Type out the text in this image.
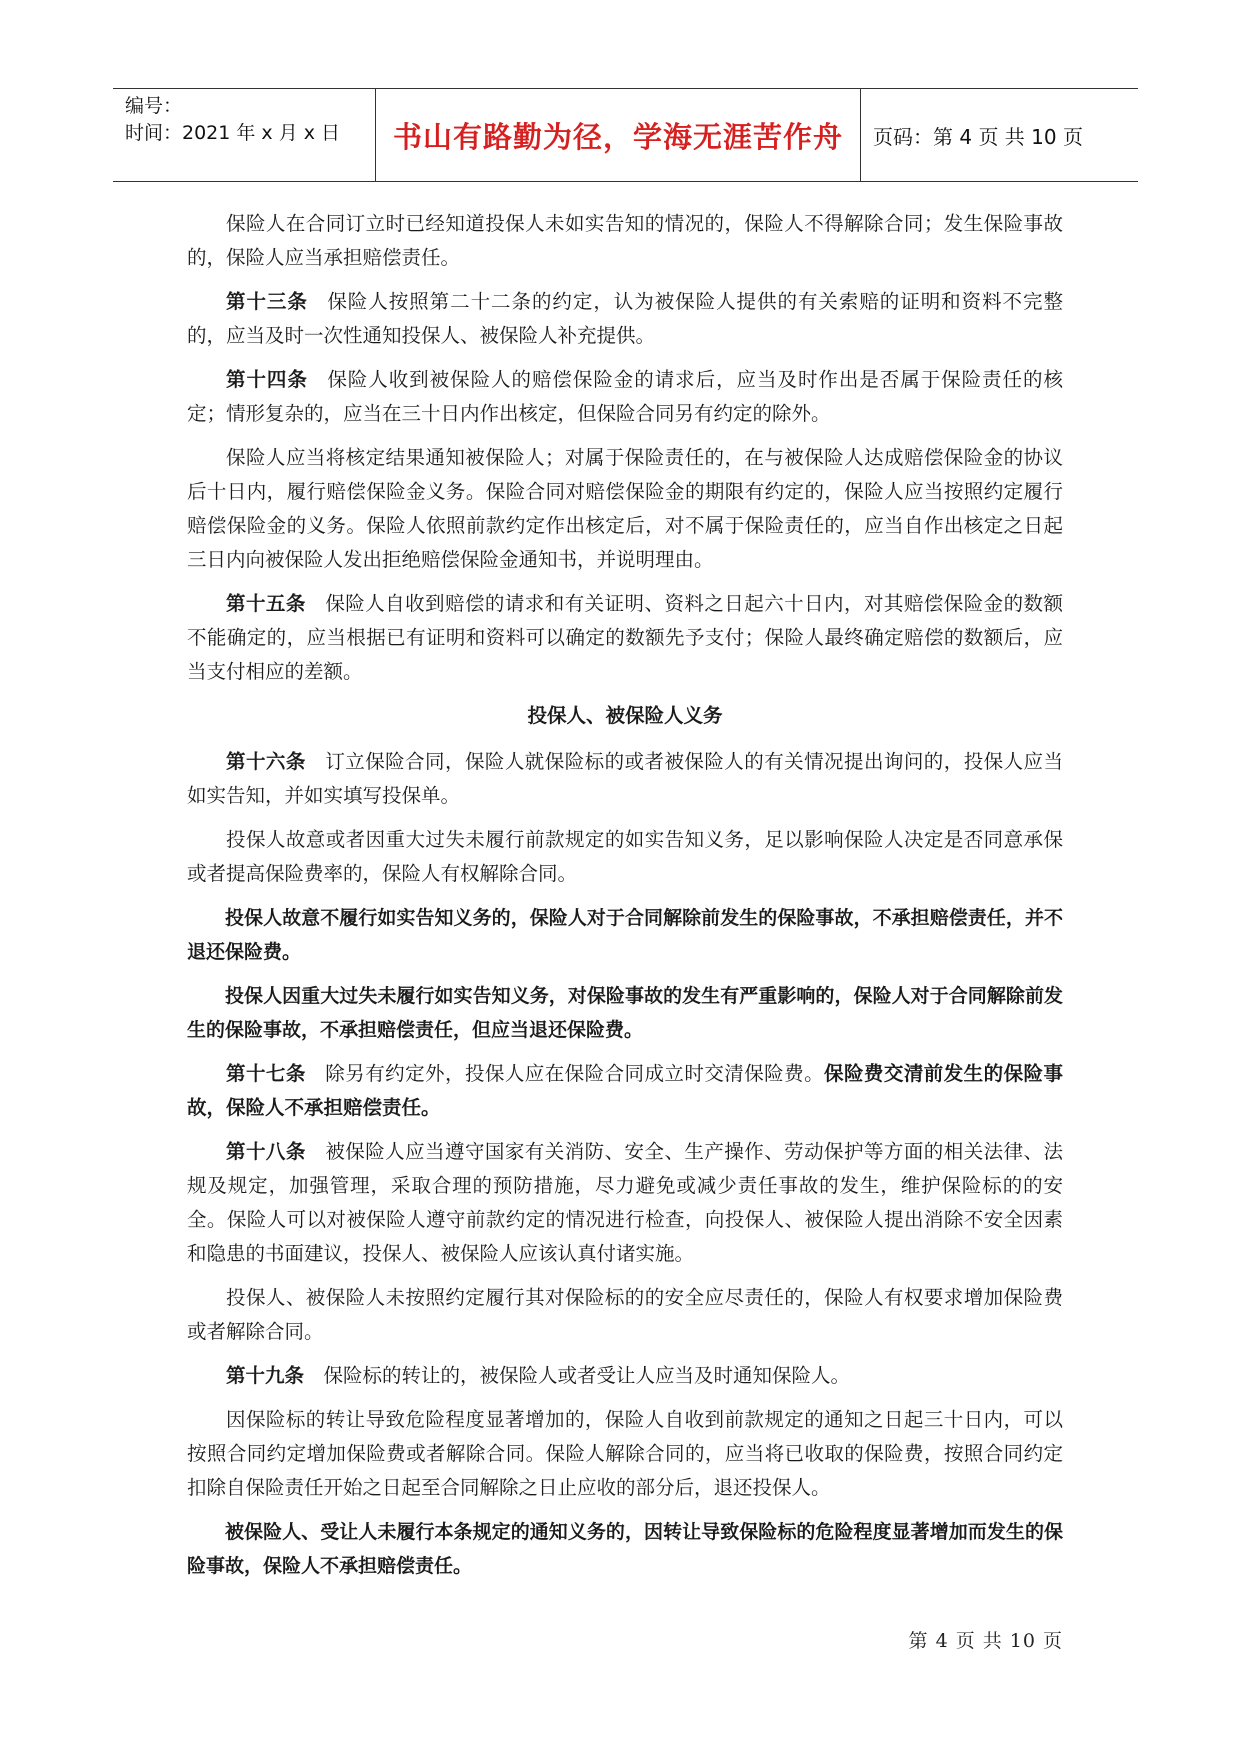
编号：
时间：2021 年 x 月 x 日	书山有路勤为径，学海无涯苦作舟 页码：第 4 页 共 10 页

保险人在合同订立时已经知道投保人未如实告知的情况的，保险人不得解除合同；发生保险事故的，保险人应当承担赔偿责任。

第十三条 保险人按照第二十二条的约定，认为被保险人提供的有关索赔的证明和资料不完整的，应当及时一次性通知投保人、被保险人补充提供。

第十四条 保险人收到被保险人的赔偿保险金的请求后，应当及时作出是否属于保险责任的核定；情形复杂的，应当在三十日内作出核定，但保险合同另有约定的除外。

保险人应当将核定结果通知被保险人；对属于保险责任的，在与被保险人达成赔偿保险金的协议后十日内，履行赔偿保险金义务。保险合同对赔偿保险金的期限有约定的，保险人应当按照约定履行赔偿保险金的义务。保险人依照前款约定作出核定后，对不属于保险责任的，应当自作出核定之日起三日内向被保险人发出拒绝赔偿保险金通知书，并说明理由。

第十五条 保险人自收到赔偿的请求和有关证明、资料之日起六十日内，对其赔偿保险金的数额不能确定的，应当根据已有证明和资料可以确定的数额先予支付；保险人最终确定赔偿的数额后，应当支付相应的差额。

投保人、被保险人义务

第十六条 订立保险合同，保险人就保险标的或者被保险人的有关情况提出询问的，投保人应当如实告知，并如实填写投保单。

投保人故意或者因重大过失未履行前款规定的如实告知义务，足以影响保险人决定是否同意承保或者提高保险费率的，保险人有权解除合同。

投保人故意不履行如实告知义务的，保险人对于合同解除前发生的保险事故，不承担赔偿责任，并不退还保险费。

投保人因重大过失未履行如实告知义务，对保险事故的发生有严重影响的，保险人对于合同解除前发生的保险事故，不承担赔偿责任，但应当退还保险费。

第十七条 除另有约定外，投保人应在保险合同成立时交清保险费。保险费交清前发生的保险事故，保险人不承担赔偿责任。

第十八条 被保险人应当遵守国家有关消防、安全、生产操作、劳动保护等方面的相关法律、法规及规定，加强管理，采取合理的预防措施，尽力避免或减少责任事故的发生，维护保险标的的安全。保险人可以对被保险人遵守前款约定的情况进行检查，向投保人、被保险人提出消除不安全因素和隐患的书面建议，投保人、被保险人应该认真付诸实施。

投保人、被保险人未按照约定履行其对保险标的的安全应尽责任的，保险人有权要求增加保险费或者解除合同。

第十九条 保险标的转让的，被保险人或者受让人应当及时通知保险人。

因保险标的转让导致危险程度显著增加的，保险人自收到前款规定的通知之日起三十日内，可以按照合同约定增加保险费或者解除合同。保险人解除合同的，应当将已收取的保险费，按照合同约定扣除自保险责任开始之日起至合同解除之日止应收的部分后，退还投保人。

被保险人、受让人未履行本条规定的通知义务的，因转让导致保险标的危险程度显著增加而发生的保险事故，保险人不承担赔偿责任。

第 4 页 共 10 页
